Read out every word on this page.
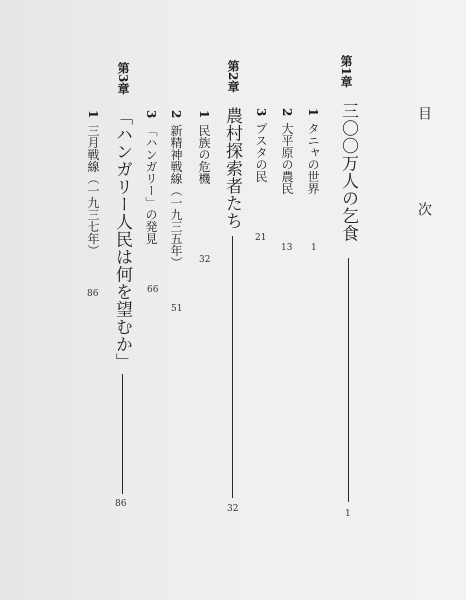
目　次
第1章
三〇〇万人の乞食
1
1タニャの世界
1
2大平原の農民
13
3プスタの民
21
第2章
農村探索者たち
32
1民族の危機
32
2新精神戦線（一九三五年）
51
3「ハンガリー」の発見
66
第3章
「ハンガリー人民は何を望むか」
86
1三月戦線（一九三七年）
86
